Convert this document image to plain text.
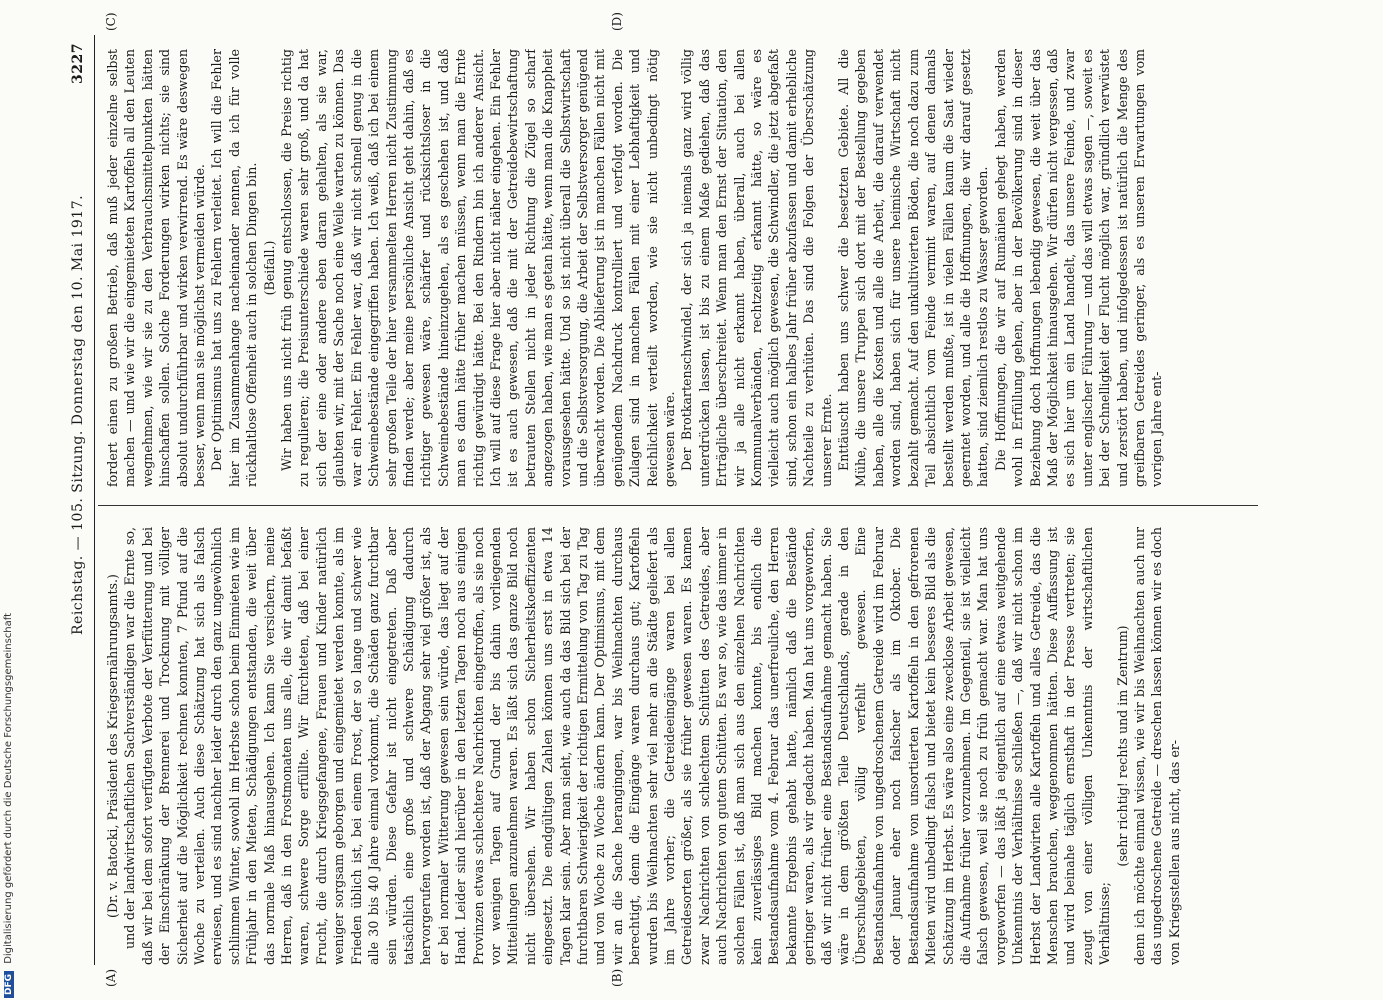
Reichstag. — 105. Sitzung. Donnerstag den 10. Mai 1917.
3227
(A)	(B)
(C)	(D)

(Dr. v. Batocki, Präsident des Kriegsernährungsamts.) und der landwirtschaftlichen Sachverständigen war die Ernte so, daß wir bei dem sofort verfügten Verbote der Verfütterung und bei der Einschränkung der Brennerei und Trocknung mit völliger Sicherheit auf die Möglichkeit rechnen konnten, 7 Pfund auf die Woche zu verteilen. Auch diese Schätzung hat sich als falsch erwiesen, und es sind nachher leider durch den ganz ungewöhnlich schlimmen Winter, sowohl im Herbste schon beim Einmieten wie im Frühjahr in den Mieten, Schädigungen entstanden, die weit über das normale Maß hinausgehen. Ich kann Sie versichern, meine Herren, daß in den Frostmonaten uns alle, die wir damit befaßt waren, schwere Sorge erfüllte. Wir fürchteten, daß bei einer Frucht, die durch Kriegsgefangene, Frauen und Kinder natürlich weniger sorgsam geborgen und eingemietet werden konnte, als im Frieden üblich ist, bei einem Frost, der so lange und schwer wie alle 30 bis 40 Jahre einmal vorkommt, die Schäden ganz furchtbar sein würden. Diese Gefahr ist nicht eingetreten. Daß aber tatsächlich eine große und schwere Schädigung dadurch hervorgerufen worden ist, daß der Abgang sehr viel größer ist, als er bei normaler Witterung gewesen sein würde, das liegt auf der Hand. Leider sind hierüber in den letzten Tagen noch aus einigen Provinzen etwas schlechtere Nachrichten eingetroffen, als sie noch vor wenigen Tagen auf Grund der bis dahin vorliegenden Mitteilungen anzunehmen waren. Es läßt sich das ganze Bild noch nicht übersehen. Wir haben schon Sicherheitskoeffizienten eingesetzt. Die endgültigen Zahlen können uns erst in etwa 14 Tagen klar sein. Aber man sieht, wie auch da das Bild sich bei der furchtbaren Schwierigkeit der richtigen Ermittelung von Tag zu Tag und von Woche zu Woche ändern kann. Der Optimismus, mit dem wir an die Sache herangingen, war bis Weihnachten durchaus berechtigt, denn die Eingänge waren durchaus gut; Kartoffeln wurden bis Weihnachten sehr viel mehr an die Städte geliefert als im Jahre vorher; die Getreideeingänge waren bei allen Getreidesorten größer, als sie früher gewesen waren. Es kamen zwar Nachrichten von schlechtem Schütten des Getreides, aber auch Nachrichten von gutem Schütten. Es war so, wie das immer in solchen Fällen ist, daß man sich aus den einzelnen Nachrichten kein zuverlässiges Bild machen konnte, bis endlich die Bestandsaufnahme vom 4. Februar das unerfreuliche, den Herren bekannte Ergebnis gehabt hatte, nämlich daß die Bestände geringer waren, als wir gedacht haben. Man hat uns vorgeworfen, daß wir nicht früher eine Bestandsaufnahme gemacht haben. Sie wäre in dem größten Teile Deutschlands, gerade in den Überschußgebieten, völlig verfehlt gewesen. Eine Bestandsaufnahme von ungedroschenem Getreide wird im Februar oder Januar eher noch falscher als im Oktober. Die Bestandsaufnahme von unsortierten Kartoffeln in den gefrorenen Mieten wird unbedingt falsch und bietet kein besseres Bild als die Schätzung im Herbst. Es wäre also eine zwecklose Arbeit gewesen, die Aufnahme früher vorzunehmen. Im Gegenteil, sie ist vielleicht falsch gewesen, weil sie noch zu früh gemacht war. Man hat uns vorgeworfen — das läßt ja eigentlich auf eine etwas weitgehende Unkenntnis der Verhältnisse schließen —, daß wir nicht schon im Herbst der Landwirten alle Kartoffeln und alles Getreide, das die Menschen brauchen, weggenommen hätten. Diese Auffassung ist und wird beinahe täglich ernsthaft in der Presse vertreten; sie zeugt von einer völligen Unkenntnis der wirtschaftlichen Verhältnisse;

(sehr richtig! rechts und im Zentrum) denn ich möchte einmal wissen, wie wir bis Weihnachten auch nur das ungedroschene Getreide — dreschen lassen können wir es doch von Kriegsstellen aus nicht, das er-

fordert einen zu großen Betrieb, daß muß jeder einzelne selbst machen — und wie wir die eingemieteten Kartoffeln all den Leuten wegnehmen, wie wir sie zu den Verbrauchsmittelpunkten hätten hinschaffen sollen. Solche Forderungen wirken nichts; sie sind absolut undurchführbar und wirken verwirrend. Es wäre deswegen besser, wenn man sie möglichst vermeiden würde. Der Optimismus hat uns zu Fehlern verleitet. Ich will die Fehler hier im Zusammenhange nacheinander nennen, da ich für volle rückhaltlose Offenheit auch in solchen Dingen bin. (Beifall.) Wir haben uns nicht früh genug entschlossen, die Preise richtig zu regulieren; die Preisunterschiede waren sehr groß, und da hat sich der eine oder andere eben daran gehalten, als sie war, glaubten wir, mit der Sache noch eine Weile warten zu können. Das war ein Fehler. Ein Fehler war, daß wir nicht schnell genug in die Schweinebestände eingegriffen haben. Ich weiß, daß ich bei einem sehr großen Teile der hier versammelten Herren nicht Zustimmung finden werde; aber meine persönliche Ansicht geht dahin, daß es richtiger gewesen wäre, schärfer und rücksichtsloser in die Schweinebestände hineinzugehen, als es geschehen ist, und daß man es dann hätte früher machen müssen, wenn man die Ernte richtig gewürdigt hätte. Bei den Rindern bin ich anderer Ansicht. Ich will auf diese Frage hier aber nicht näher eingehen. Ein Fehler ist es auch gewesen, daß die mit der Getreidebewirtschaftung betrauten Stellen nicht in jeder Richtung die Zügel so scharf angezogen haben, wie man es getan hätte, wenn man die Knappheit vorausgesehen hätte. Und so ist nicht überall die Selbstwirtschaft und die Selbstversorgung, die Arbeit der Selbstversorger genügend überwacht worden. Die Ablieferung ist in manchen Fällen nicht mit genügendem Nachdruck kontrolliert und verfolgt worden. Die Zulagen sind in manchen Fällen mit einer Lebhaftigkeit und Reichlichkeit verteilt worden, wie sie nicht unbedingt nötig gewesen wäre. Der Brotkartenschwindel, der sich ja niemals ganz wird völlig unterdrücken lassen, ist bis zu einem Maße gediehen, daß das Erträgliche überschreitet. Wenn man den Ernst der Situation, den wir ja alle nicht erkannt haben, überall, auch bei allen Kommunalverbänden, rechtzeitig erkannt hätte, so wäre es vielleicht auch möglich gewesen, die Schwindler, die jetzt abgefaßt sind, schon ein halbes Jahr früher abzufassen und damit erhebliche Nachteile zu verhüten. Das sind die Folgen der Überschätzung unserer Ernte. Enttäuscht haben uns schwer die besetzten Gebiete. All die Mühe, die unsere Truppen sich dort mit der Bestellung gegeben haben, alle die Kosten und alle die Arbeit, die darauf verwendet worden sind, haben sich für unsere heimische Wirtschaft nicht bezahlt gemacht. Auf den unkultivierten Böden, die noch dazu zum Teil absichtlich vom Feinde vermint waren, auf denen damals bestellt werden mußte, ist in vielen Fällen kaum die Saat wieder geerntet worden, und alle die Hoffnungen, die wir darauf gesetzt hatten, sind ziemlich restlos zu Wasser geworden. Die Hoffnungen, die wir auf Rumänien gehegt haben, werden wohl in Erfüllung gehen, aber in der Bevölkerung sind in dieser Beziehung doch Hoffnungen lebendig gewesen, die weit über das Maß der Möglichkeit hinausgehen. Wir dürfen nicht vergessen, daß es sich hier um ein Land handelt, das unsere Feinde, und zwar unter englischer Führung — und das will etwas sagen —, soweit es bei der Schnelligkeit der Flucht möglich war, gründlich verwüstet und zerstört haben, und infolgedessen ist natürlich die Menge des greifbaren Getreides geringer, als es unseren Erwartungen vom vorigen Jahre ent-

DFG Digitalisierung gefördert durch die Deutsche Forschungsgemeinschaft
